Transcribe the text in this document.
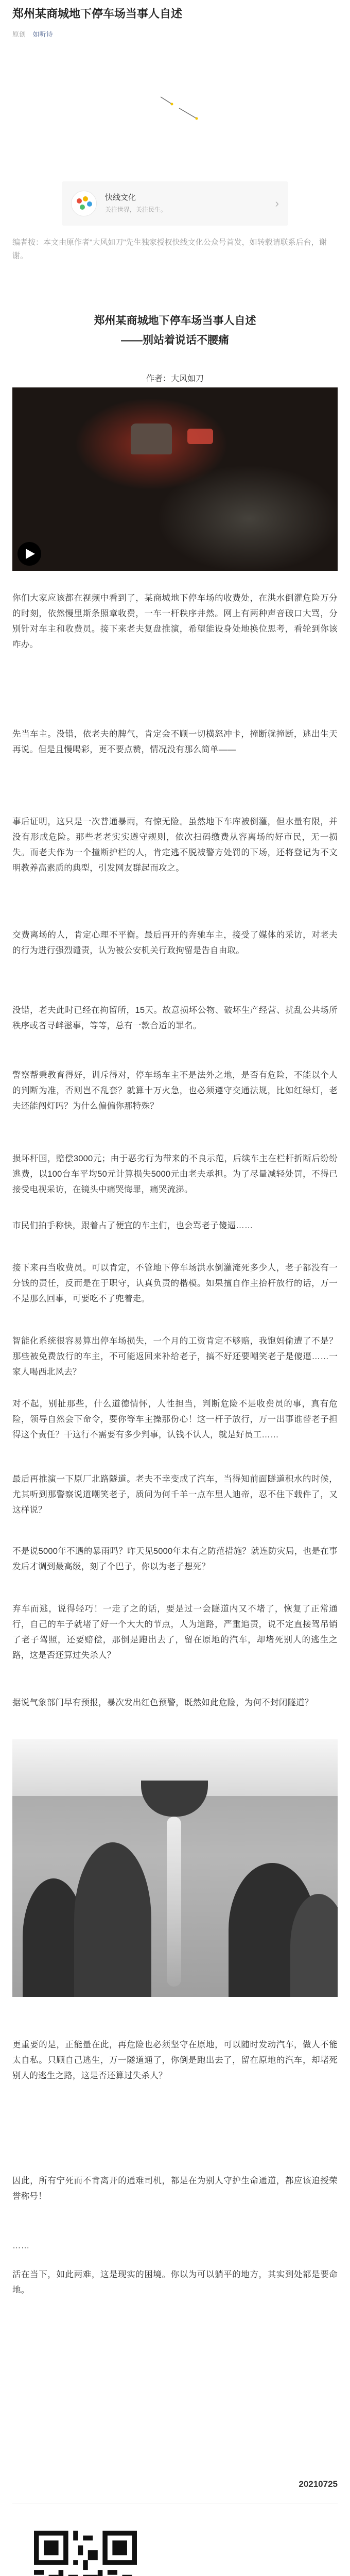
郑州某商城地下停车场当事人自述
原创 如听诗
快线文化
关注世界，关注民生。	›

编者按：本文由原作者"大风如刀"先生独家授权快线文化公众号首发，如转载请联系后台，谢谢。

郑州某商城地下停车场当事人自述
——别站着说话不腰痛
作者：大风如刀

你们大家应该都在视频中看到了，某商城地下停车场的收费处，在洪水倒灌危险万分的时刻，依然慢里斯条照章收费，一车一杆秩序井然。网上有两种声音破口大骂，分别针对车主和收费员。接下来老夫复盘推演，希望能设身处地换位思考，看轮到你该咋办。

先当车主。没错，依老夫的脾气，肯定会不顾一切横怒冲卡，撞断就撞断，逃出生天再说。但是且慢喝彩，更不要点赞，情况没有那么简单——

事后证明，这只是一次普通暴雨，有惊无险。虽然地下车库被倒灌，但水量有限，并没有形成危险。那些老老实实遵守规则，依次扫码缴费从容离场的好市民，无一损失。而老夫作为一个撞断护栏的人，肯定逃不脱被警方处罚的下场，还将登记为不文明教养高素质的典型，引发网友群起而攻之。

交费离场的人，肯定心理不平衡。最后再开的奔驰车主，接受了媒体的采访，对老夫的行为进行强烈谴责，认为被公安机关行政拘留是告自由取。

没错，老夫此时已经在拘留所，15天。故意损坏公物、破坏生产经营、扰乱公共场所秩序或者寻衅滋事，等等，总有一款合适的罪名。

警察帮秉教育得好，训斥得对，停车场车主不是法外之地，是否有危险，不能以个人的判断为准，否则岂不乱套？就算十万火急，也必须遵守交通法规，比如红绿灯，老夫还能闯灯吗？为什么偏偏你那特殊？

损坏杆国，赔偿3000元；由于恶劣行为带来的不良示范，后续车主在栏杆折断后纷纷逃费，以100台车平均50元计算损失5000元由老夫承担。为了尽量减轻处罚，不得已接受电视采访，在镜头中痛哭悔罪，痛哭流涕。

市民们拍手称快，跟着占了便宜的车主们，也会骂老子傻逼……

接下来再当收费员。可以肯定，不管地下停车场洪水倒灌淹死多少人，老子都没有一分钱的责任，反而是在于职守，认真负责的楷模。如果擅自作主抬杆放行的话，万一不是那么回事，可要吃不了兜着走。

智能化系统很容易算出停车场损失，一个月的工资肯定不够赔，我饱妈偷遭了不是？那些被免费放行的车主，不可能返回来补给老子，搞不好还要嘲笑老子是傻逼……一家人喝西北风去？

对不起，别扯那些，什么道德情怀，人性担当，判断危险不是收费员的事，真有危险，领导自然会下命令，要你等车主操那份心！这一杆子放行，万一出事谁替老子担得这个责任？干这行不需要有多少判事，认钱不认人，就是好员工……

最后再推演一下原厂北路隧道。老夫不幸变成了汽车，当得知前面隧道积水的时候，尤其听到那警察说道嘲笑老子，质问为何千羊一点车里人迪帝，忍不住下载件了，又这样说？

不是说5000年不遇的暴雨吗？昨天见5000年未有之防范措施？就连防灾局，也是在事发后才调到最高级，刻了个巴子，你以为老子想死？

弃车而逃，说得轻巧！一走了之的话，要是过一会隧道内又不堵了，恢复了正常通行，自己的车子就堵了好一个大大的节点，人为道路，严重追责，说不定直接驾吊销了老子驾照，还要赔偿，那倒是跑出去了，留在原地的汽车，却堵死别人的逃生之路，这是否还算过失杀人？

据说气象部门早有预报，暴次发出红色预警，既然如此危险，为何不封闭隧道？

更重要的是，正能量在此，再危险也必须坚守在原地，可以随时发动汽车，做人不能太自私。只顾自己逃生，万一隧道通了，你倒是跑出去了，留在原地的汽车，却堵死别人的逃生之路，这是否还算过失杀人？

因此，所有宁死而不肯离开的通难司机，都是在为别人守护生命通道，都应该追授荣誉称号！

……

活在当下，如此两难，这是现实的困境。你以为可以躺平的地方，其实到处都是要命地。

20210725
